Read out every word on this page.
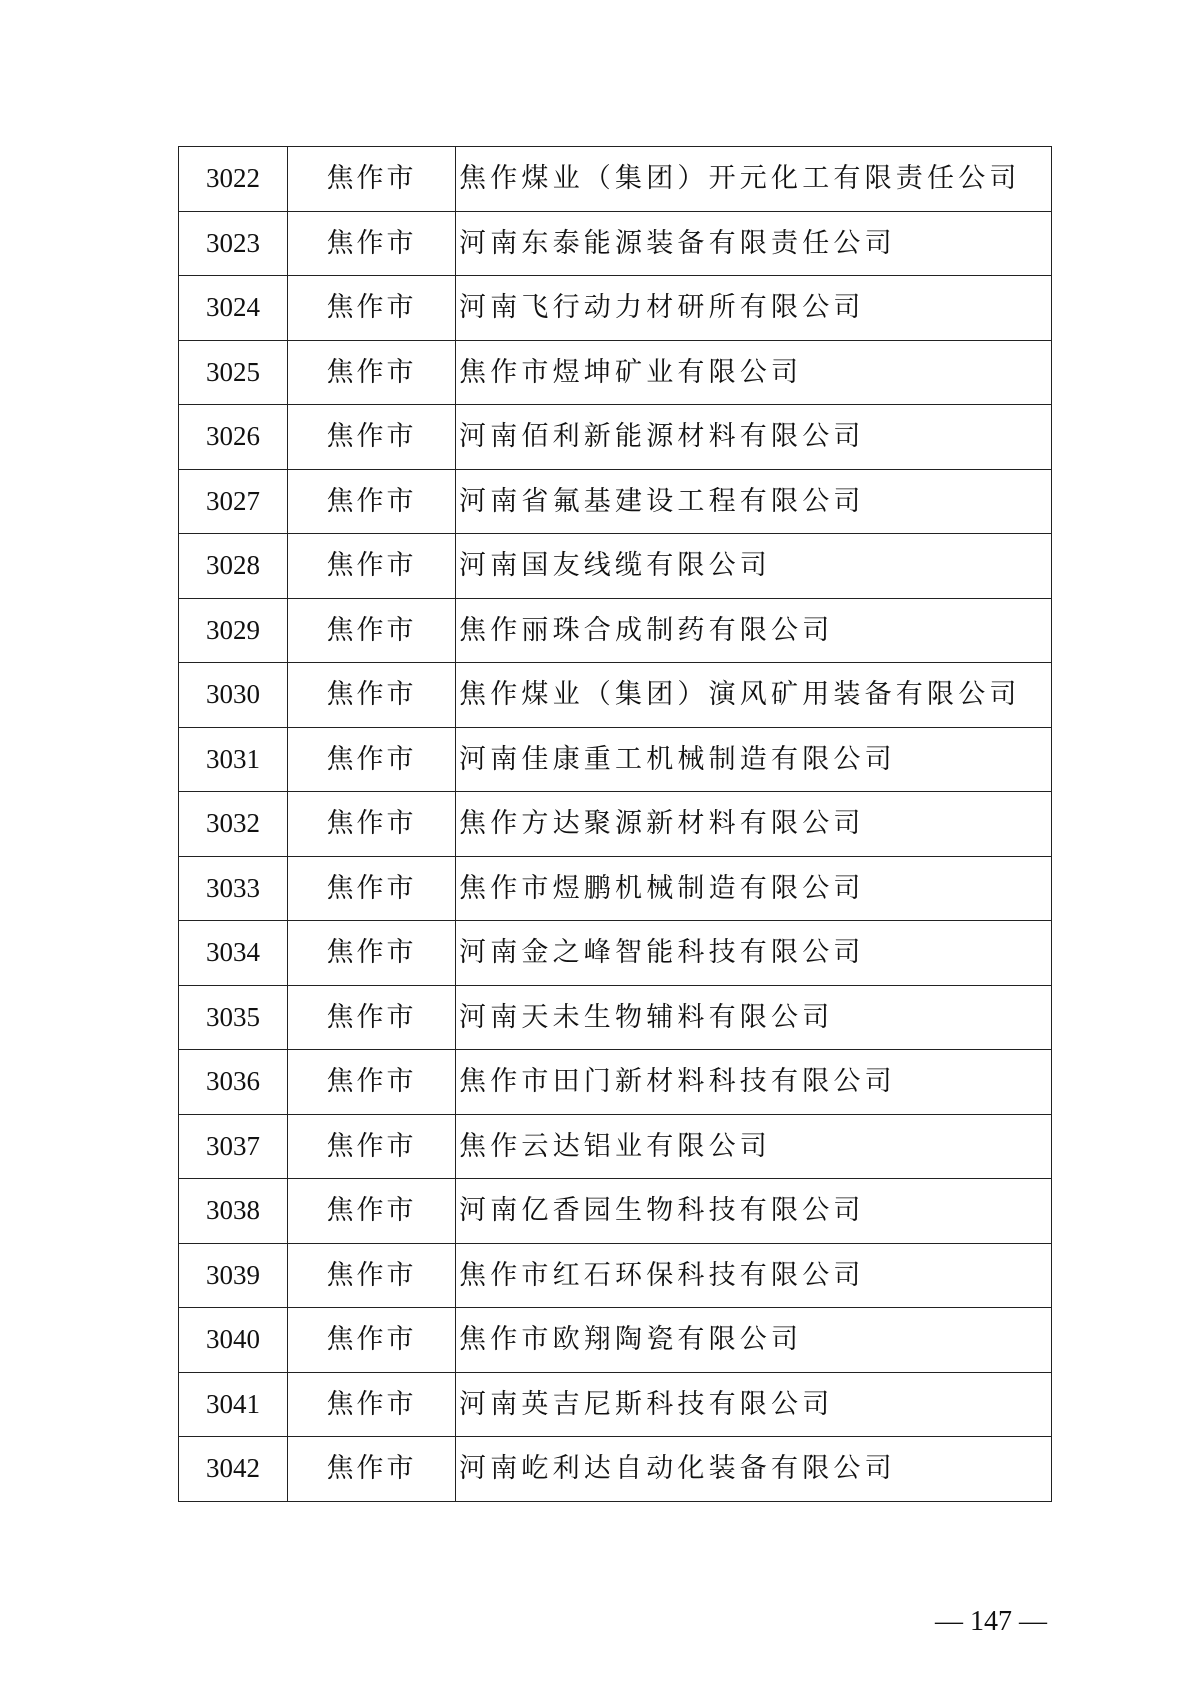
3022	焦作市	焦作煤业（集团）开元化工有限责任公司
3023	焦作市	河南东泰能源装备有限责任公司
3024	焦作市	河南飞行动力材研所有限公司
3025	焦作市	焦作市煜坤矿业有限公司
3026	焦作市	河南佰利新能源材料有限公司
3027	焦作市	河南省氟基建设工程有限公司
3028	焦作市	河南国友线缆有限公司
3029	焦作市	焦作丽珠合成制药有限公司
3030	焦作市	焦作煤业（集团）演风矿用装备有限公司
3031	焦作市	河南佳康重工机械制造有限公司
3032	焦作市	焦作方达聚源新材料有限公司
3033	焦作市	焦作市煜鹏机械制造有限公司
3034	焦作市	河南金之峰智能科技有限公司
3035	焦作市	河南天未生物辅料有限公司
3036	焦作市	焦作市田门新材料科技有限公司
3037	焦作市	焦作云达铝业有限公司
3038	焦作市	河南亿香园生物科技有限公司
3039	焦作市	焦作市红石环保科技有限公司
3040	焦作市	焦作市欧翔陶瓷有限公司
3041	焦作市	河南英吉尼斯科技有限公司
3042	焦作市	河南屹利达自动化装备有限公司
— 147 —
